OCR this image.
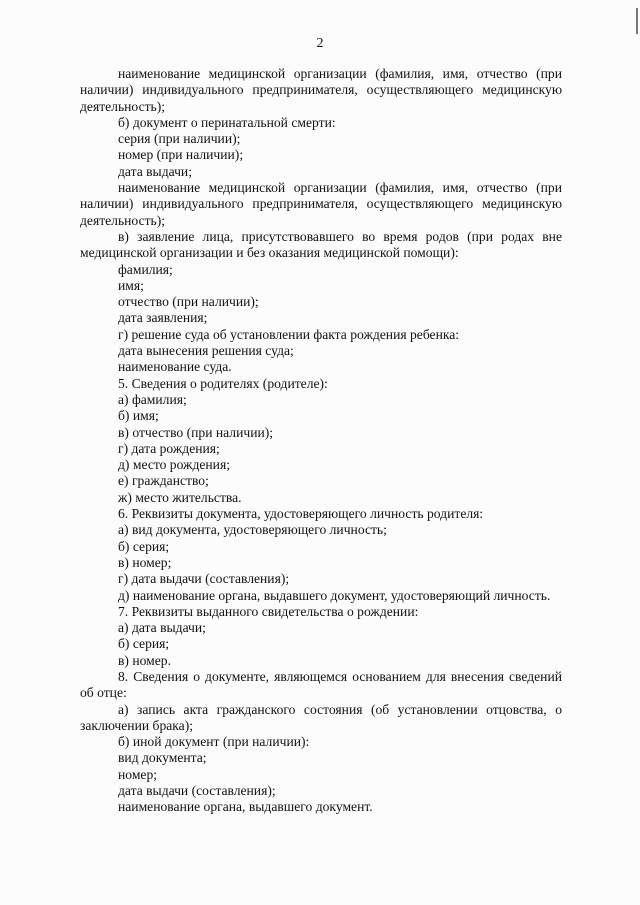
2

наименование медицинской организации (фамилия, имя, отчество (при наличии) индивидуального предпринимателя, осуществляющего медицинскую деятельность);

б) документ о перинатальной смерти:

серия (при наличии);

номер (при наличии);

дата выдачи;

наименование медицинской организации (фамилия, имя, отчество (при наличии) индивидуального предпринимателя, осуществляющего медицинскую деятельность);

в) заявление лица, присутствовавшего во время родов (при родах вне медицинской организации и без оказания медицинской помощи):

фамилия;

имя;

отчество (при наличии);

дата заявления;

г) решение суда об установлении факта рождения ребенка:

дата вынесения решения суда;

наименование суда.

5. Сведения о родителях (родителе):

а) фамилия;

б) имя;

в) отчество (при наличии);

г) дата рождения;

д) место рождения;

е) гражданство;

ж) место жительства.

6. Реквизиты документа, удостоверяющего личность родителя:

а) вид документа, удостоверяющего личность;

б) серия;

в) номер;

г) дата выдачи (составления);

д) наименование органа, выдавшего документ, удостоверяющий личность.

7. Реквизиты выданного свидетельства о рождении:

а) дата выдачи;

б) серия;

в) номер.

8. Сведения о документе, являющемся основанием для внесения сведений об отце:

а) запись акта гражданского состояния (об установлении отцовства, о заключении брака);

б) иной документ (при наличии):

вид документа;

номер;

дата выдачи (составления);

наименование органа, выдавшего документ.
